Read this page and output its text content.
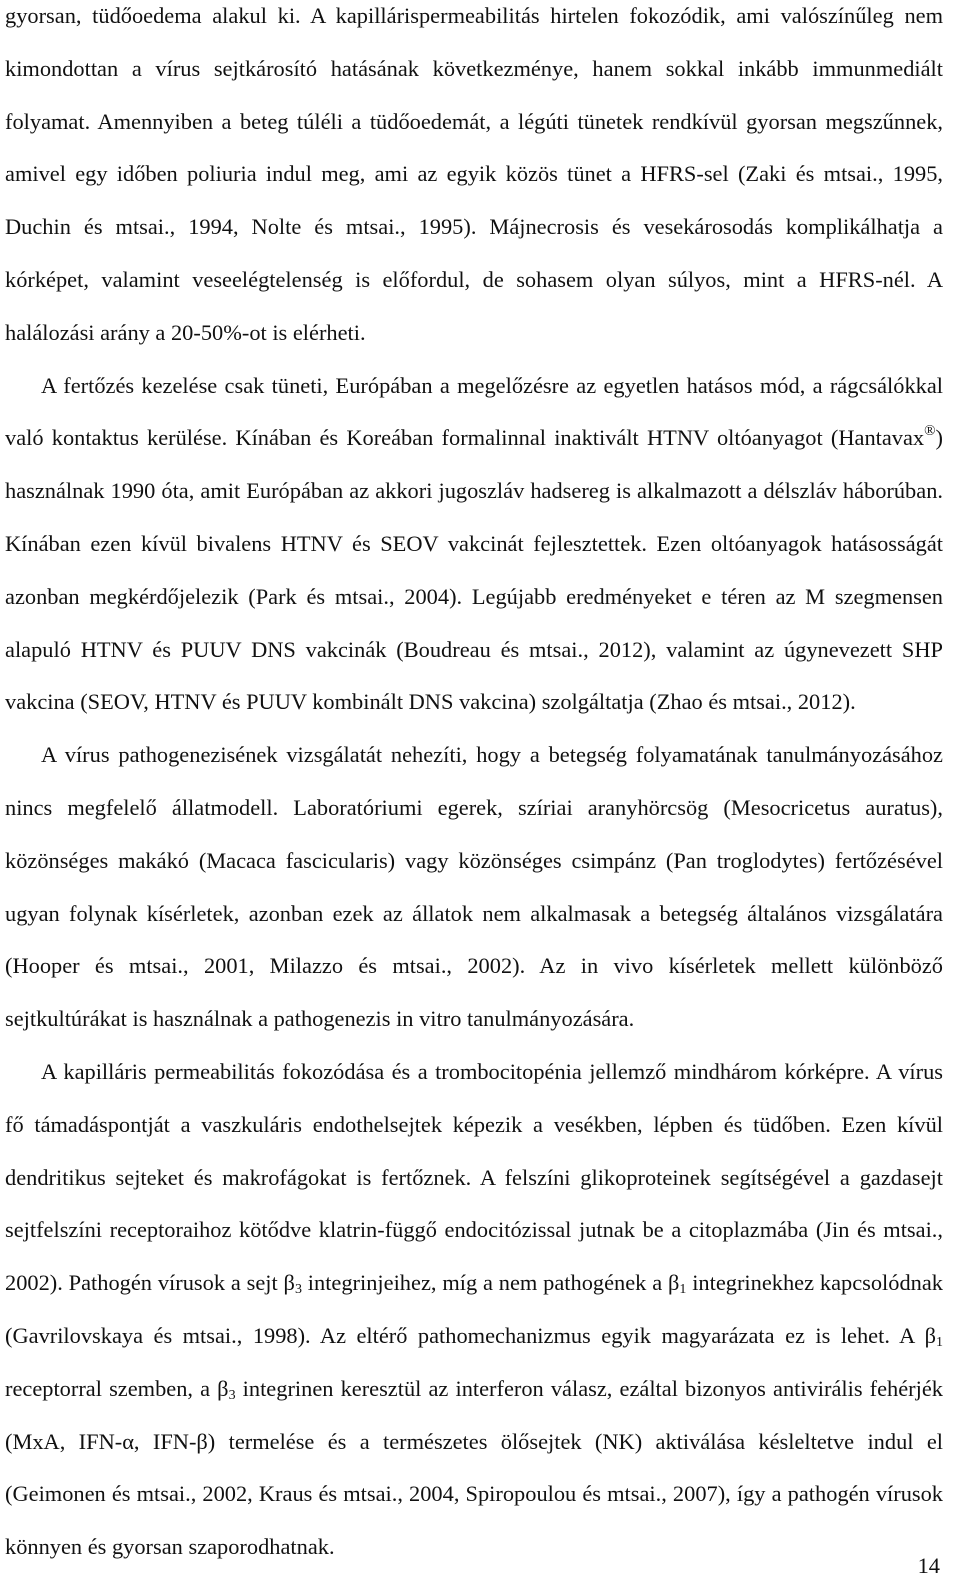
gyorsan, tüdőoedema alakul ki. A kapillárispermeabilitás hirtelen fokozódik, ami valószínűleg nem kimondottan a vírus sejtkárosító hatásának következménye, hanem sokkal inkább immunmediált folyamat. Amennyiben a beteg túléli a tüdőoedemát, a légúti tünetek rendkívül gyorsan megszűnnek, amivel egy időben poliuria indul meg, ami az egyik közös tünet a HFRS-sel (Zaki és mtsai., 1995, Duchin és mtsai., 1994, Nolte és mtsai., 1995). Májnecrosis és vesekárosodás komplikálhatja a kórképet, valamint veseelégtelenség is előfordul, de sohasem olyan súlyos, mint a HFRS-nél. A halálozási arány a 20-50%-ot is elérheti.

A fertőzés kezelése csak tüneti, Európában a megelőzésre az egyetlen hatásos mód, a rágcsálókkal való kontaktus kerülése. Kínában és Koreában formalinnal inaktivált HTNV oltóanyagot (Hantavax®) használnak 1990 óta, amit Európában az akkori jugoszláv hadsereg is alkalmazott a délszláv háborúban. Kínában ezen kívül bivalens HTNV és SEOV vakcinát fejlesztettek. Ezen oltóanyagok hatásosságát azonban megkérdőjelezik (Park és mtsai., 2004). Legújabb eredményeket e téren az M szegmensen alapuló HTNV és PUUV DNS vakcinák (Boudreau és mtsai., 2012), valamint az úgynevezett SHP vakcina (SEOV, HTNV és PUUV kombinált DNS vakcina) szolgáltatja (Zhao és mtsai., 2012).

A vírus pathogenezisének vizsgálatát nehezíti, hogy a betegség folyamatának tanulmányozásához nincs megfelelő állatmodell. Laboratóriumi egerek, szíriai aranyhörcsög (Mesocricetus auratus), közönséges makákó (Macaca fascicularis) vagy közönséges csimpánz (Pan troglodytes) fertőzésével ugyan folynak kísérletek, azonban ezek az állatok nem alkalmasak a betegség általános vizsgálatára (Hooper és mtsai., 2001, Milazzo és mtsai., 2002). Az in vivo kísérletek mellett különböző sejtkultúrákat is használnak a pathogenezis in vitro tanulmányozására.

A kapilláris permeabilitás fokozódása és a trombocitopénia jellemző mindhárom kórképre. A vírus fő támadáspontját a vaszkuláris endothelsejtek képezik a vesékben, lépben és tüdőben. Ezen kívül dendritikus sejteket és makrofágokat is fertőznek. A felszíni glikoproteinek segítségével a gazdasejt sejtfelszíni receptoraihoz kötődve klatrin-függő endocitózissal jutnak be a citoplazmába (Jin és mtsai., 2002). Pathogén vírusok a sejt $\beta_3$ integrinjeihez, míg a nem pathogének a $\beta_1$ integrinekhez kapcsolódnak (Gavrilovskaya és mtsai., 1998). Az eltérő pathomechanizmus egyik magyarázata ez is lehet. A $\beta_1$ receptorral szemben, a $\beta_3$ integrinen keresztül az interferon válasz, ezáltal bizonyos antivirális fehérjék (MxA, IFN-α, IFN-β) termelése és a természetes ölősejtek (NK) aktiválása késleltetve indul el (Geimonen és mtsai., 2002, Kraus és mtsai., 2004, Spiropoulou és mtsai., 2007), így a pathogén vírusok könnyen és gyorsan szaporodhatnak.

14
